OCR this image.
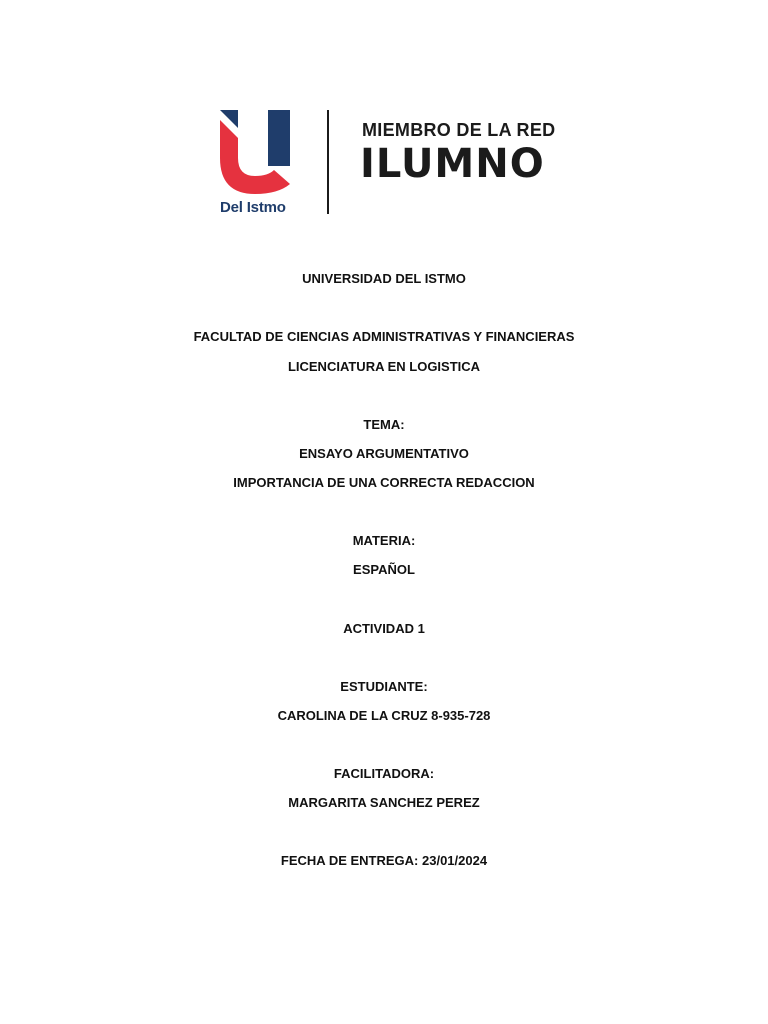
Del Istmo
MIEMBRO DE LA RED
ILUMNO
UNIVERSIDAD DEL ISTMO
FACULTAD DE CIENCIAS ADMINISTRATIVAS Y FINANCIERAS
LICENCIATURA EN LOGISTICA
TEMA:
ENSAYO ARGUMENTATIVO
IMPORTANCIA DE UNA CORRECTA REDACCION
MATERIA:
ESPAÑOL
ACTIVIDAD 1
ESTUDIANTE:
CAROLINA DE LA CRUZ 8-935-728
FACILITADORA:
MARGARITA SANCHEZ PEREZ
FECHA DE ENTREGA: 23/01/2024
